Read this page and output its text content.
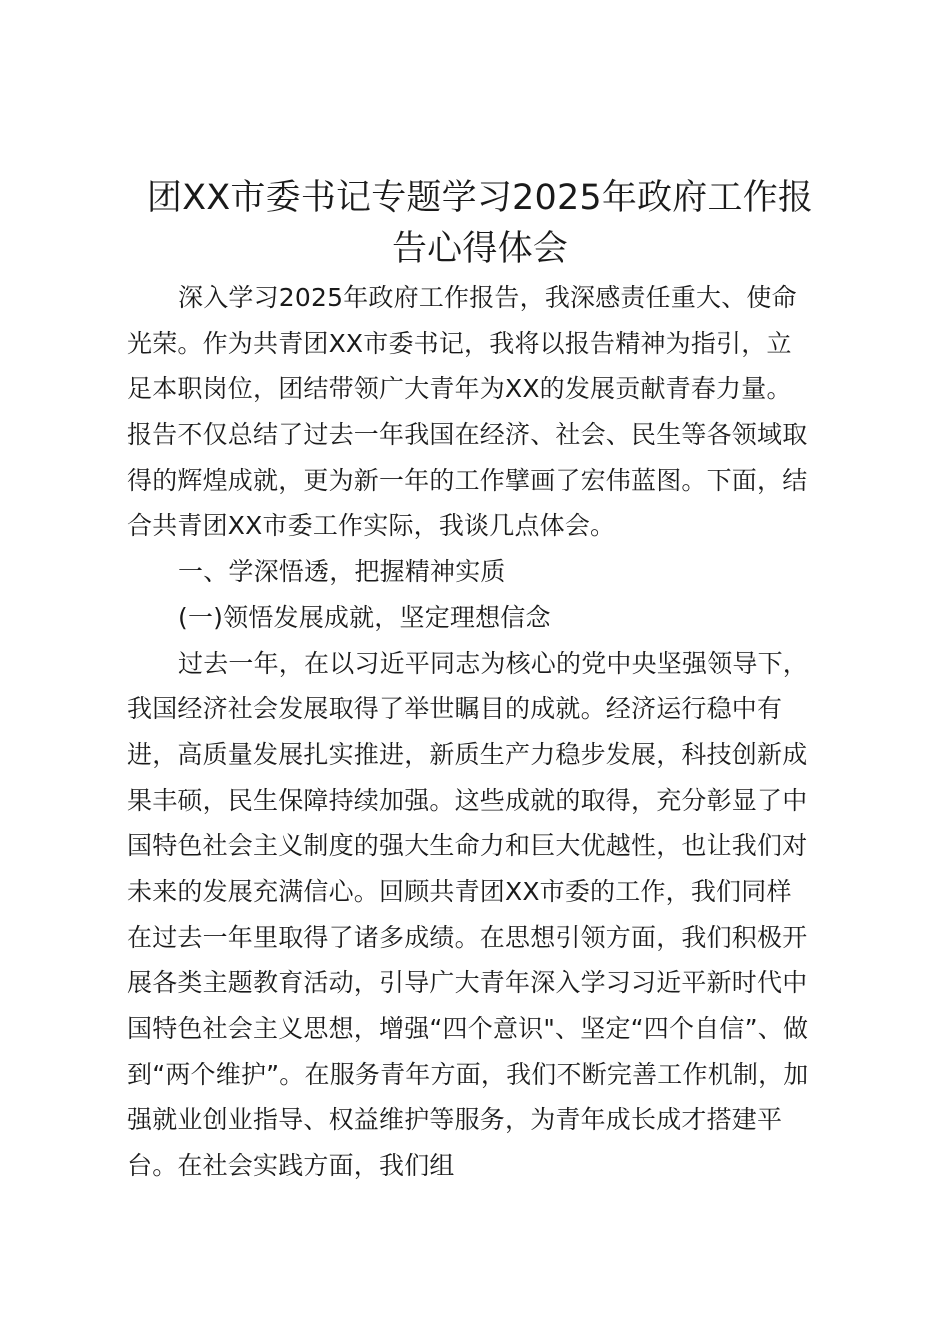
团XX市委书记专题学习2025年政府工作报
告心得体会
深入学习2025年政府工作报告，我深感责任重大、使命
光荣。作为共青团XX市委书记，我将以报告精神为指引，立
足本职岗位，团结带领广大青年为XX的发展贡献青春力量。
报告不仅总结了过去一年我国在经济、社会、民生等各领域取
得的辉煌成就，更为新一年的工作擘画了宏伟蓝图。下面，结
合共青团XX市委工作实际，我谈几点体会。
一、学深悟透，把握精神实质
(一)领悟发展成就，坚定理想信念
过去一年，在以习近平同志为核心的党中央坚强领导下，
我国经济社会发展取得了举世瞩目的成就。经济运行稳中有
进，高质量发展扎实推进，新质生产力稳步发展，科技创新成
果丰硕，民生保障持续加强。这些成就的取得，充分彰显了中
国特色社会主义制度的强大生命力和巨大优越性，也让我们对
未来的发展充满信心。回顾共青团XX市委的工作，我们同样
在过去一年里取得了诸多成绩。在思想引领方面，我们积极开
展各类主题教育活动，引导广大青年深入学习习近平新时代中
国特色社会主义思想，增强“四个意识"、坚定“四个自信”、做
到“两个维护”。在服务青年方面，我们不断完善工作机制，加
强就业创业指导、权益维护等服务，为青年成长成才搭建平
台。在社会实践方面，我们组
